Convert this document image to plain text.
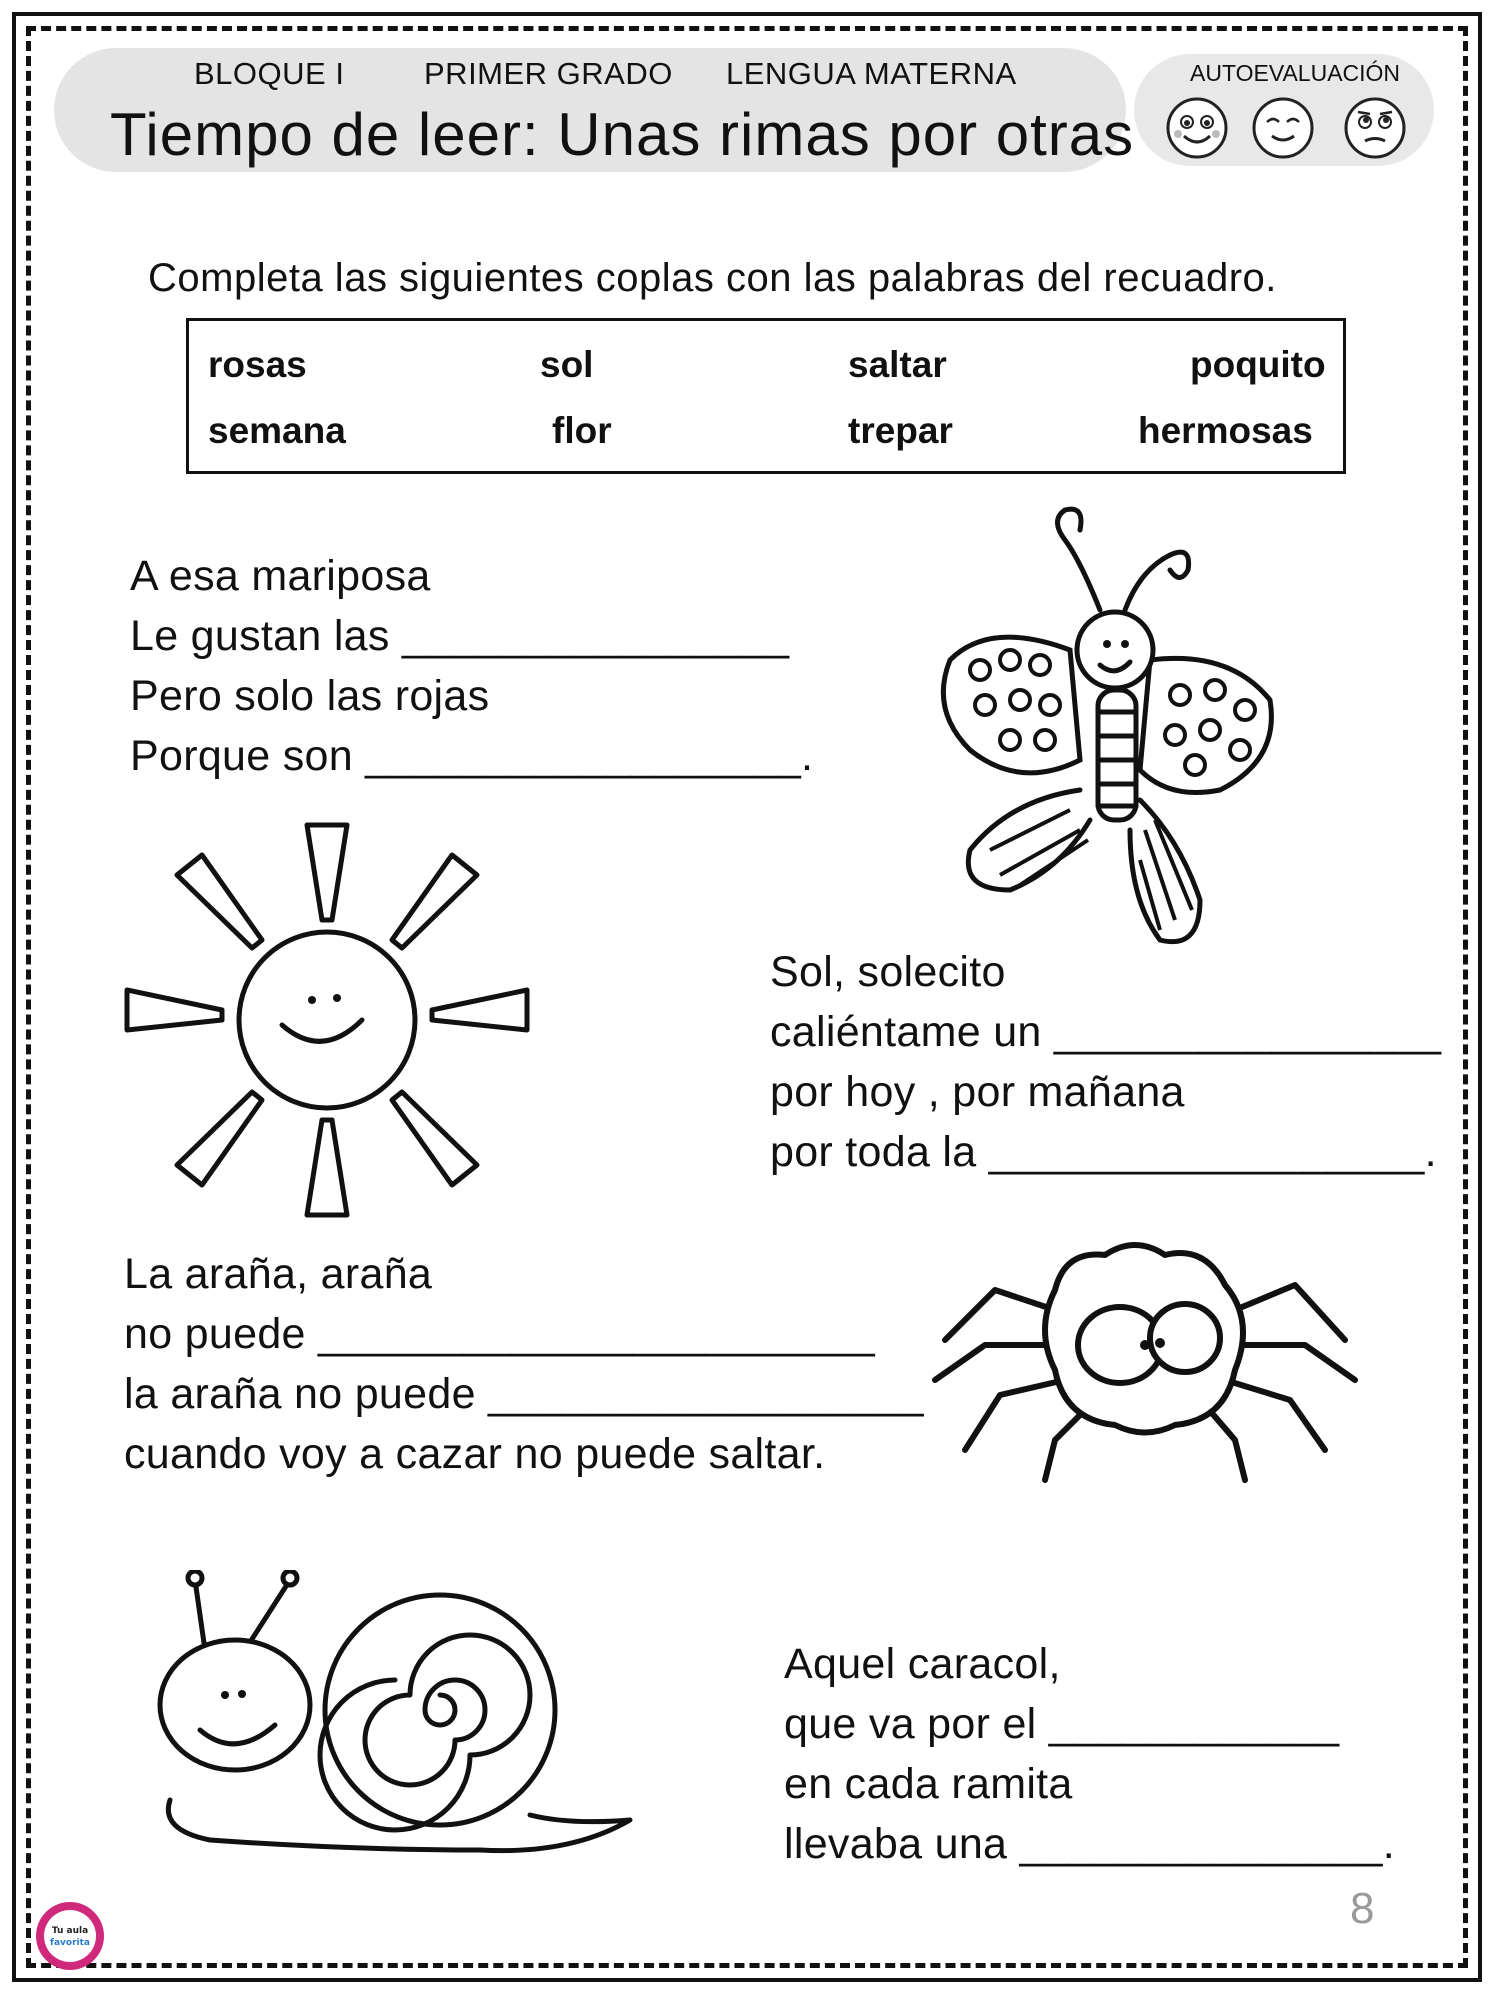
BLOQUE I	PRIMER GRADO LENGUA MATERNA
Tiempo de leer: Unas rimas por otras
AUTOEVALUACIÓN
Completa las siguientes coplas con las palabras del recuadro.
rosas	sol	saltar	poquito
semana	flor	trepar	hermosas
A esa mariposa
Le gustan las ________________
Pero solo las rojas
Porque son __________________.
Sol, solecito
caliéntame un ________________
por hoy , por mañana
por toda la __________________.
La araña, araña
no puede _______________________
la araña no puede __________________
cuando voy a cazar no puede saltar.
Aquel caracol,
que va por el ____________
en cada ramita
llevaba una _______________.
8
Tu aula
favorita
